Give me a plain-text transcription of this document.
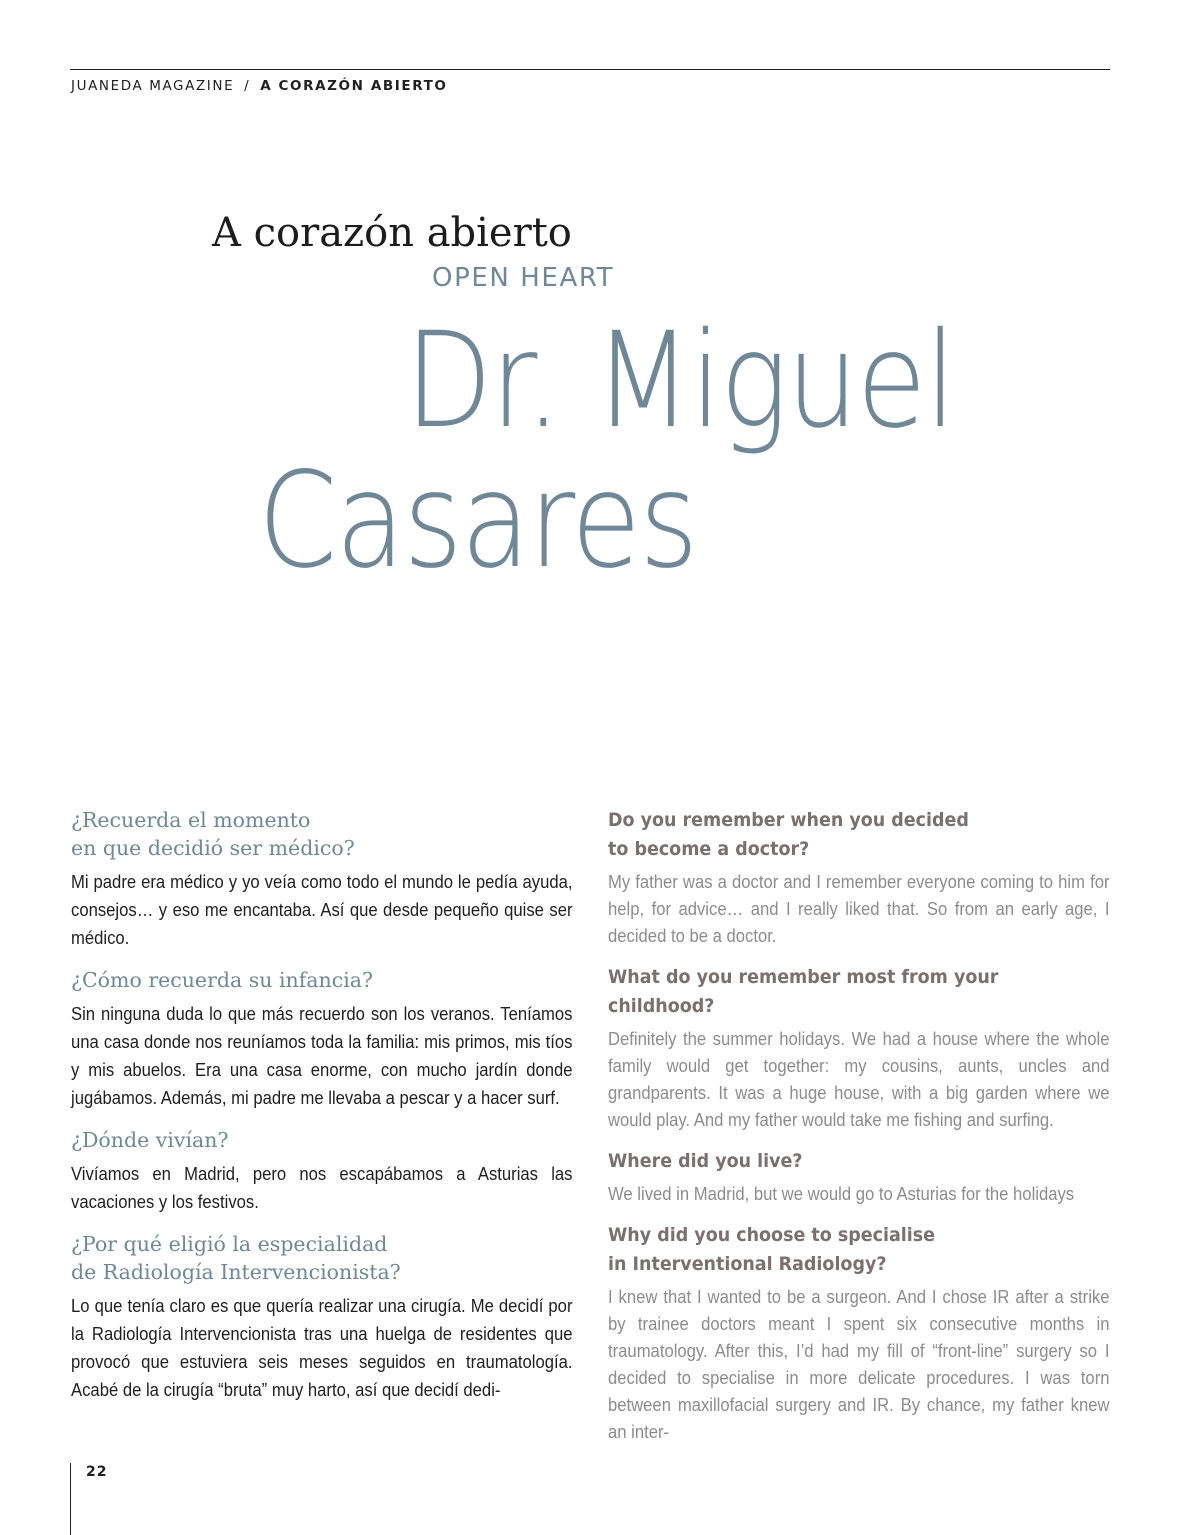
JUANEDA MAGAZINE / A CORAZÓN ABIERTO
A corazón abierto
OPEN HEART
Dr. Miguel
Casares

¿Recuerda el momento
en que decidió ser médico?

Mi padre era médico y yo veía como todo el mundo le pedía ayuda, consejos… y eso me encantaba. Así que desde pequeño quise ser médico.

¿Cómo recuerda su infancia?

Sin ninguna duda lo que más recuerdo son los veranos. Teníamos una casa donde nos reuníamos toda la familia: mis primos, mis tíos y mis abuelos. Era una casa enorme, con mucho jardín donde jugábamos. Además, mi padre me llevaba a pescar y a hacer surf.

¿Dónde vivían?

Vivíamos en Madrid, pero nos escapábamos a Asturias las vacaciones y los festivos.

¿Por qué eligió la especialidad
de Radiología Intervencionista?

Lo que tenía claro es que quería realizar una cirugía. Me decidí por la Radiología Intervencionista tras una huelga de residentes que provocó que estuviera seis meses seguidos en traumatología. Acabé de la cirugía “bruta” muy harto, así que decidí dedi-

Do you remember when you decided
to become a doctor?

My father was a doctor and I remember everyone coming to him for help, for advice… and I really liked that. So from an early age, I decided to be a doctor.

What do you remember most from your childhood?

Definitely the summer holidays. We had a house where the whole family would get together: my cousins, aunts, uncles and grandparents. It was a huge house, with a big garden where we would play. And my father would take me fishing and surfing.

Where did you live?

We lived in Madrid, but we would go to Asturias for the holidays

Why did you choose to specialise
in Interventional Radiology?

I knew that I wanted to be a surgeon. And I chose IR after a strike by trainee doctors meant I spent six consecutive months in traumatology. After this, I’d had my fill of “front-line” surgery so I decided to specialise in more delicate procedures. I was torn between maxillofacial surgery and IR. By chance, my father knew an inter-

22
